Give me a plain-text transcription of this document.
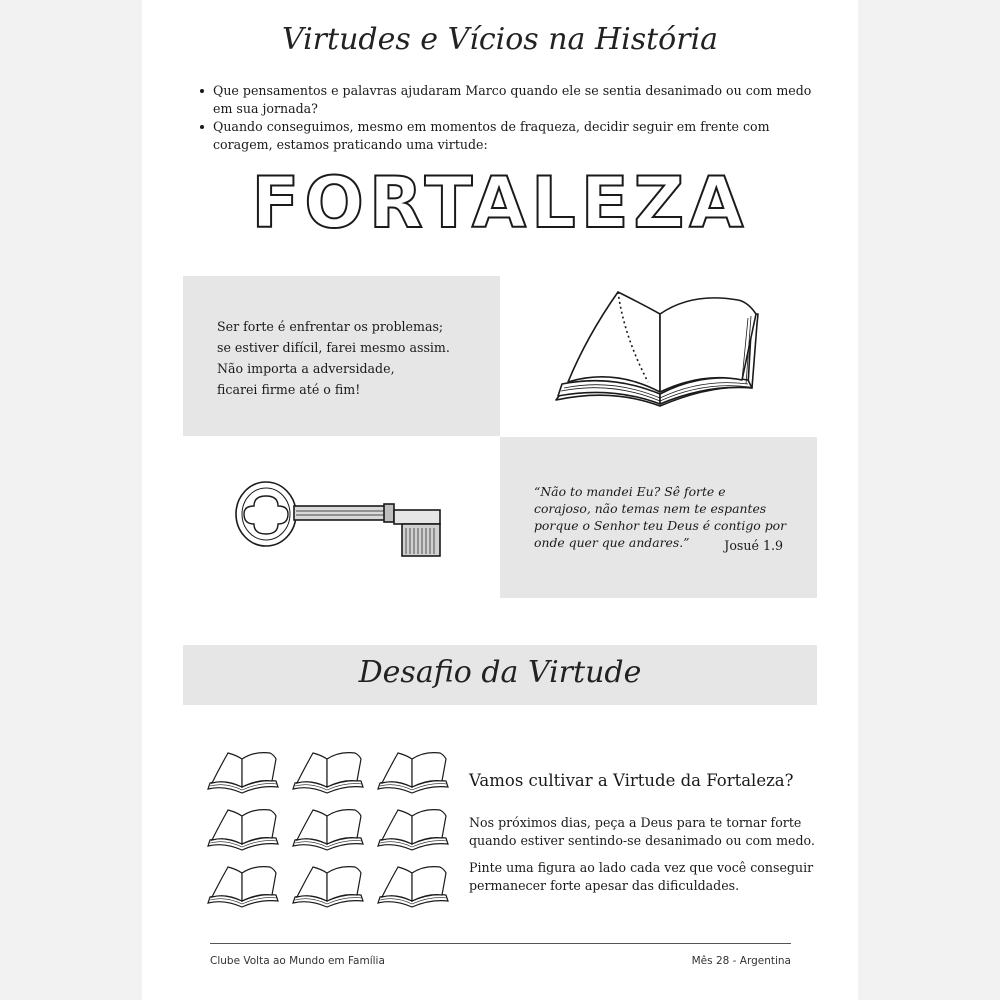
Virtudes e Vícios na História
Que pensamentos e palavras ajudaram Marco quando ele se sentia desanimado ou com medo em sua jornada?
Quando conseguimos, mesmo em momentos de fraqueza, decidir seguir em frente com coragem, estamos praticando uma virtude:
FORTALEZA
Ser forte é enfrentar os problemas;
se estiver difícil, farei mesmo assim.
Não importa a adversidade,
ficarei firme até o fim!
“Não to mandei Eu? Sê forte e corajoso, não temas nem te espantes porque o Senhor teu Deus é contigo por onde quer que andares.”	Josué 1.9
Desafio da Virtude
Vamos cultivar a Virtude da Fortaleza?
Nos próximos dias, peça a Deus para te tornar forte quando estiver sentindo-se desanimado ou com medo.
Pinte uma figura ao lado cada vez que você conseguir permanecer forte apesar das dificuldades.
Clube Volta ao Mundo em Família	Mês 28 - Argentina
